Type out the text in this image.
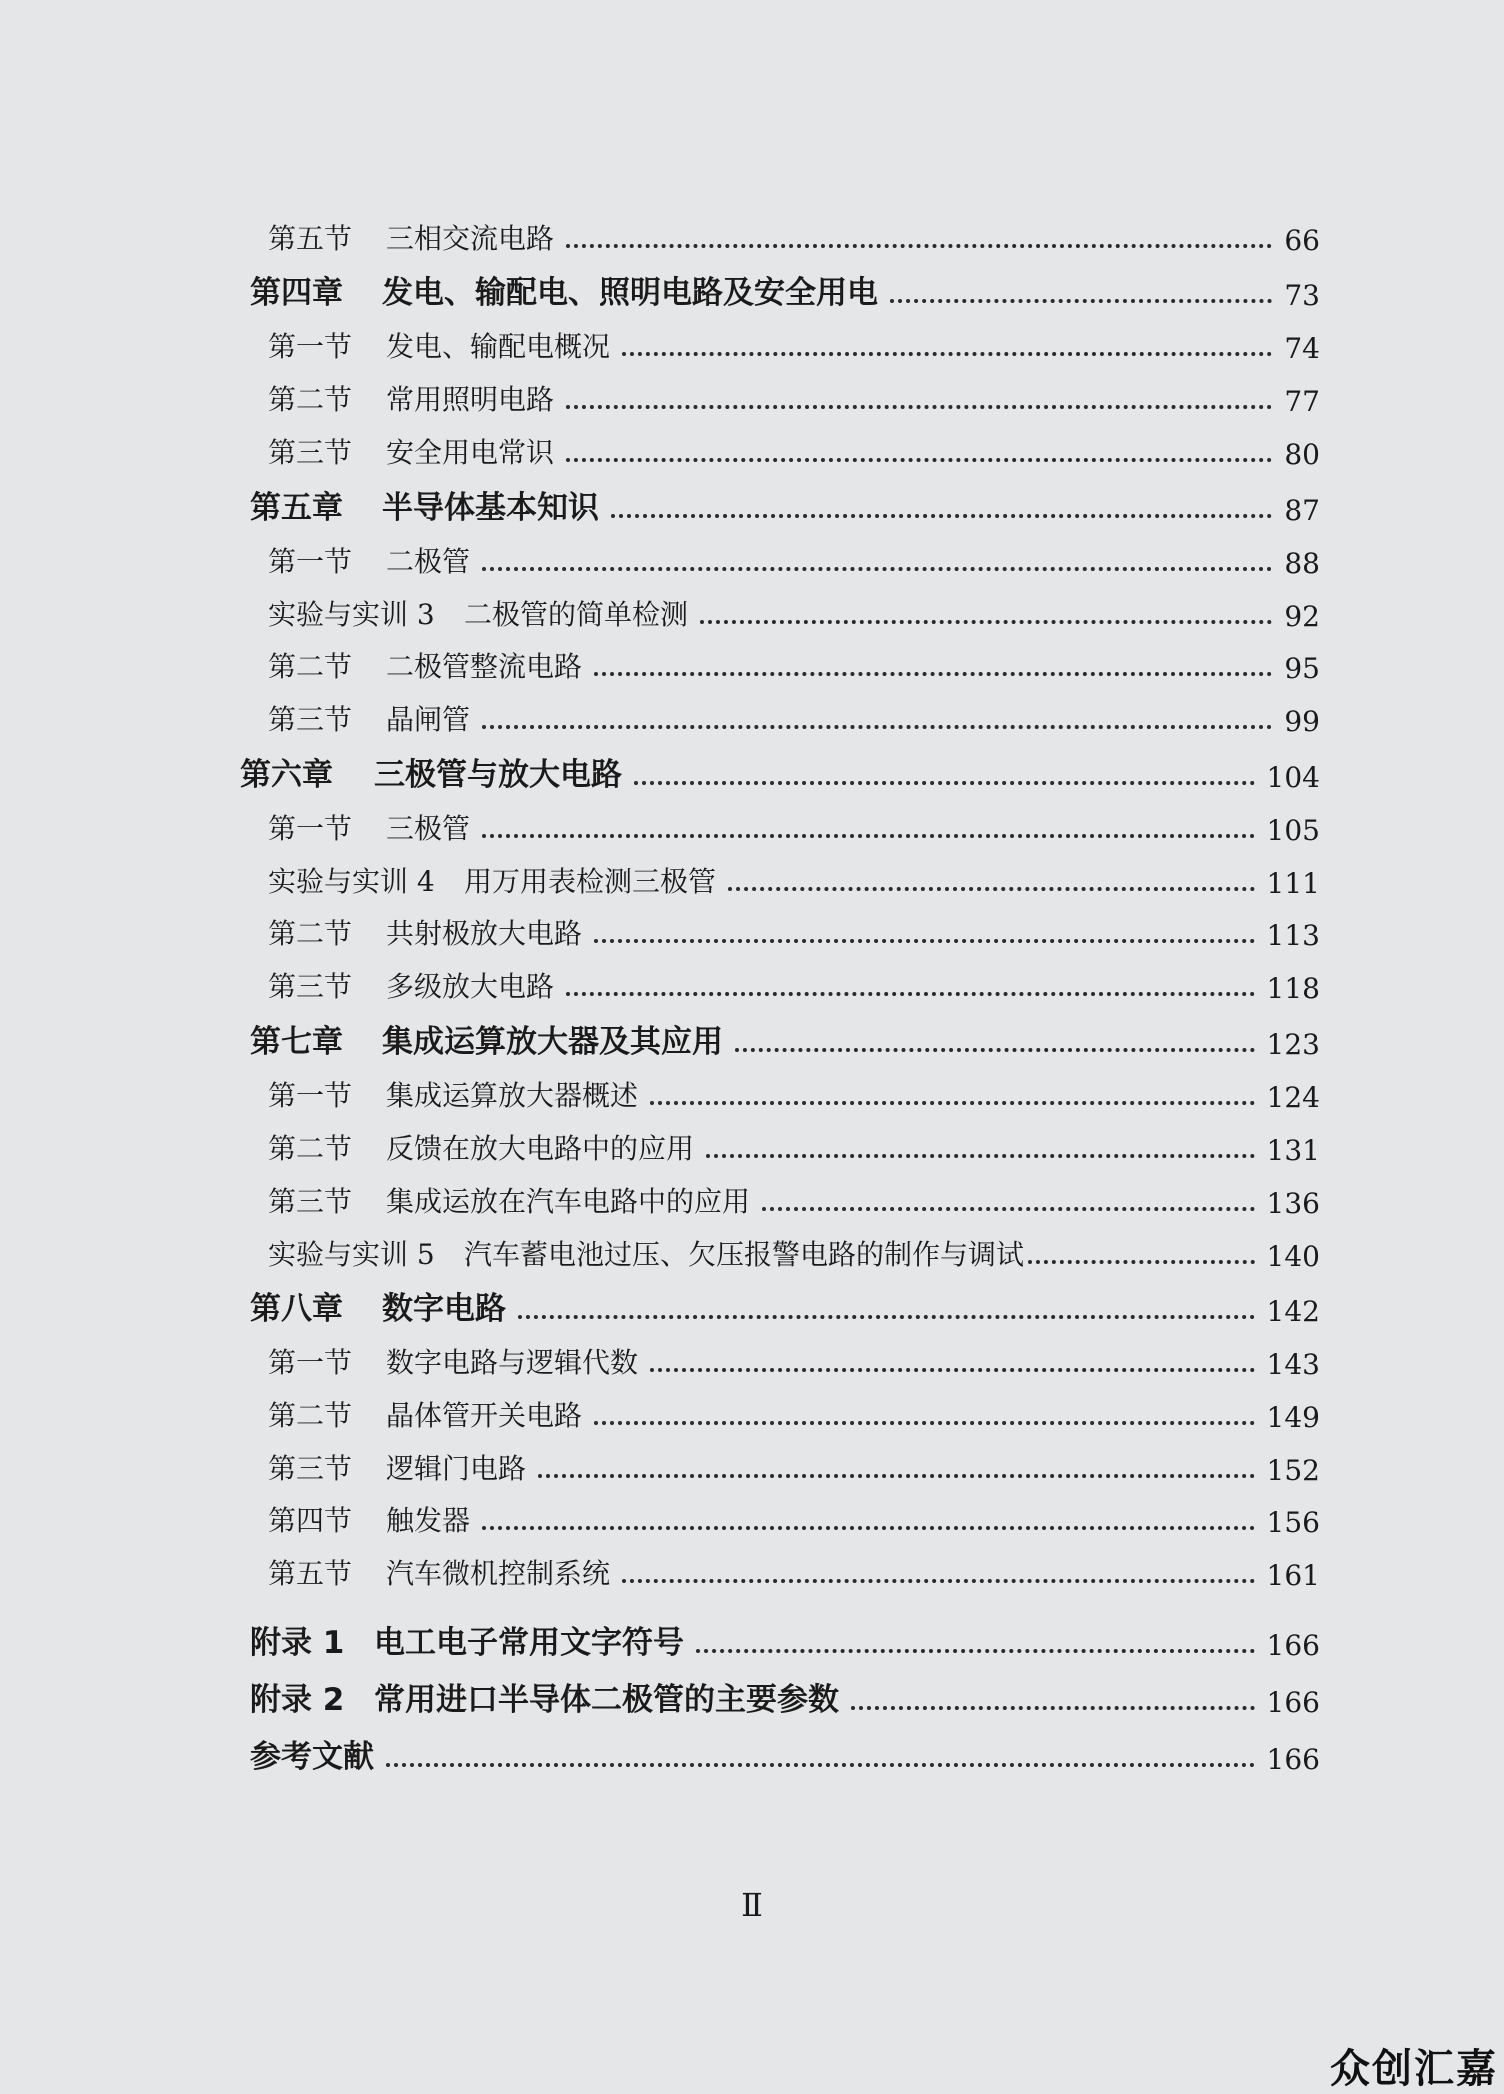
第五节	三相交流电路	66
第四章	发电、输配电、照明电路及安全用电	73
第一节	发电、输配电概况	74
第二节	常用照明电路	77
第三节	安全用电常识	80
第五章	半导体基本知识	87
第一节	二极管	88
实验与实训 3	二极管的简单检测	92
第二节	二极管整流电路	95
第三节	晶闸管	99
第六章	三极管与放大电路	104
第一节	三极管	105
实验与实训 4	用万用表检测三极管	111
第二节	共射极放大电路	113
第三节	多级放大电路	118
第七章	集成运算放大器及其应用	123
第一节	集成运算放大器概述	124
第二节	反馈在放大电路中的应用	131
第三节	集成运放在汽车电路中的应用	136
实验与实训 5	汽车蓄电池过压、欠压报警电路的制作与调试	140
第八章	数字电路	142
第一节	数字电路与逻辑代数	143
第二节	晶体管开关电路	149
第三节	逻辑门电路	152
第四节	触发器	156
第五节	汽车微机控制系统	161
附录 1 电工电子常用文字符号	166
附录 2 常用进口半导体二极管的主要参数	166
参考文献	166
Ⅱ
众创汇嘉
